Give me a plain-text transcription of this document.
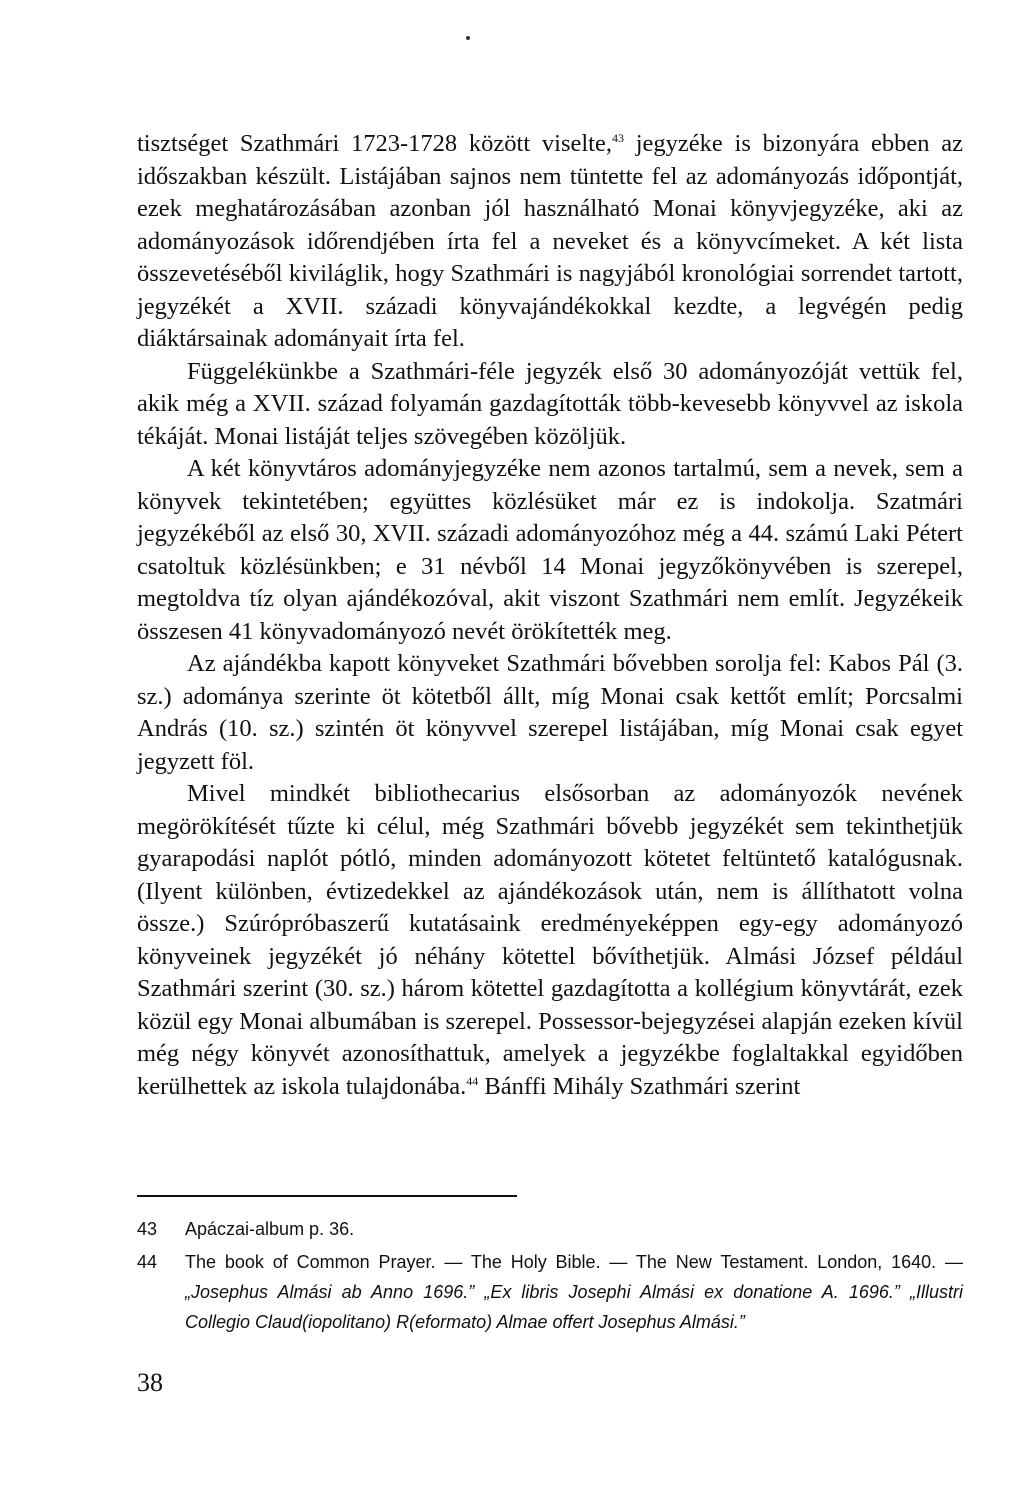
tisztséget Szathmári 1723-1728 között viselte,$^{43}$ jegyzéke is bizonyára ebben az időszakban készült. Listájában sajnos nem tüntette fel az adományozás időpontját, ezek meghatározásában azonban jól használható Monai könyvjegyzéke, aki az adományozások időrendjében írta fel a neveket és a könyvcímeket. A két lista összevetéséből kiviláglik, hogy Szathmári is nagyjából kronológiai sorrendet tartott, jegyzékét a XVII. századi könyvajándékokkal kezdte, a legvégén pedig diáktársainak adományait írta fel.

Függelékünkbe a Szathmári-féle jegyzék első 30 adományozóját vettük fel, akik még a XVII. század folyamán gazdagították több-kevesebb könyvvel az iskola tékáját. Monai listáját teljes szövegében közöljük.

A két könyvtáros adományjegyzéke nem azonos tartalmú, sem a nevek, sem a könyvek tekintetében; együttes közlésüket már ez is indokolja. Szatmári jegyzékéből az első 30, XVII. századi adományozóhoz még a 44. számú Laki Pétert csatoltuk közlésünkben; e 31 névből 14 Monai jegyzőkönyvében is szerepel, megtoldva tíz olyan ajándékozóval, akit viszont Szathmári nem említ. Jegyzékeik összesen 41 könyvadományozó nevét örökítették meg.

Az ajándékba kapott könyveket Szathmári bővebben sorolja fel: Kabos Pál (3. sz.) adománya szerinte öt kötetből állt, míg Monai csak kettőt említ; Porcsalmi András (10. sz.) szintén öt könyvvel szerepel listájában, míg Monai csak egyet jegyzett föl.

Mivel mindkét bibliothecarius elsősorban az adományozók nevének megörökítését tűzte ki célul, még Szathmári bővebb jegyzékét sem tekinthetjük gyarapodási naplót pótló, minden adományozott kötetet feltüntető katalógusnak. (Ilyent különben, évtizedekkel az ajándékozások után, nem is állíthatott volna össze.) Szúrópróbaszerű kutatásaink eredményeképpen egy-egy adományozó könyveinek jegyzékét jó néhány kötettel bővíthetjük. Almási József például Szathmári szerint (30. sz.) három kötettel gazdagította a kollégium könyvtárát, ezek közül egy Monai albumában is szerepel. Possessor-bejegyzései alapján ezeken kívül még négy könyvét azonosíthattuk, amelyek a jegyzékbe foglaltakkal egyidőben kerülhettek az iskola tulajdonába.$^{44}$ Bánffi Mihály Szathmári szerint

43 Apáczai-album p. 36.

44 The book of Common Prayer. — The Holy Bible. — The New Testament. London, 1640. — „Josephus Almási ab Anno 1696.” „Ex libris Josephi Almási ex donatione A. 1696.” „Illustri Collegio Claud(iopolitano) R(eformato) Almae offert Josephus Almási.”

38
